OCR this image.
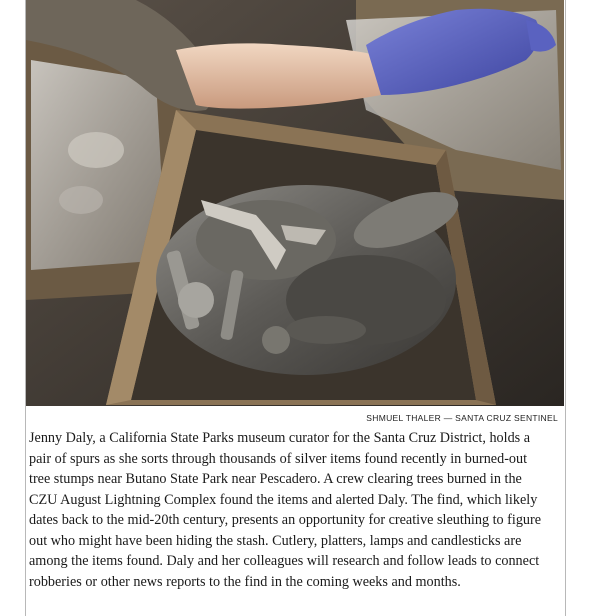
SHMUEL THALER — SANTA CRUZ SENTINEL
Jenny Daly, a California State Parks museum curator for the Santa Cruz District, holds a
pair of spurs as she sorts through thousands of silver items found recently in burned-out
tree stumps near Butano State Park near Pescadero. A crew clearing trees burned in the
CZU August Lightning Complex found the items and alerted Daly. The find, which likely
dates back to the mid-20th century, presents an opportunity for creative sleuthing to figure
out who might have been hiding the stash. Cutlery, platters, lamps and candlesticks are
among the items found. Daly and her colleagues will research and follow leads to connect
robberies or other news reports to the find in the coming weeks and months.
